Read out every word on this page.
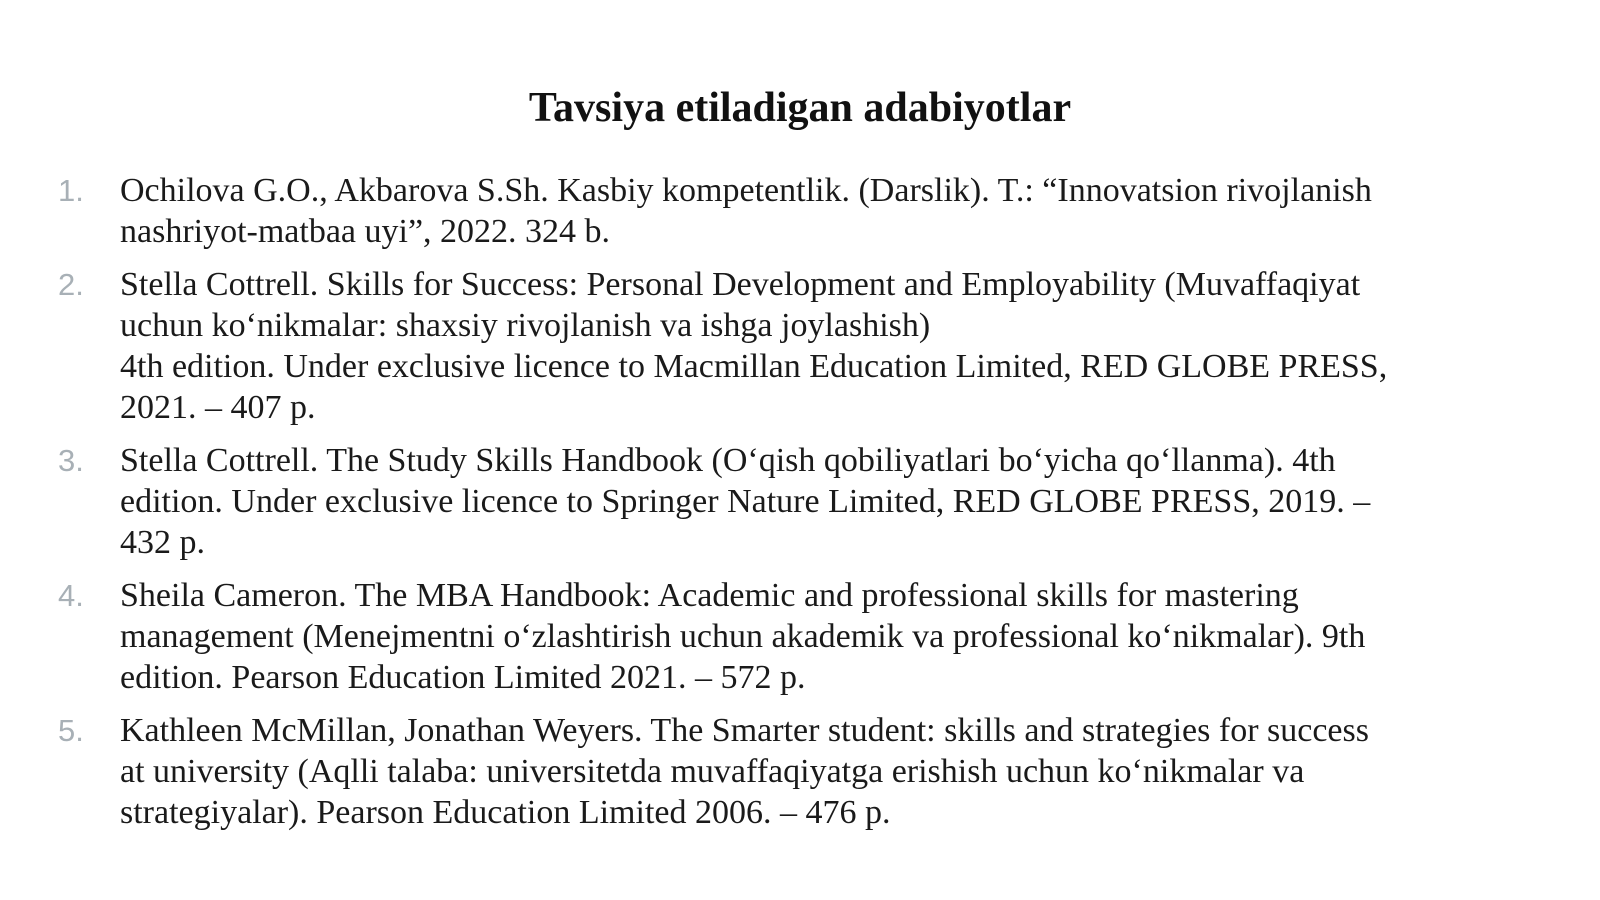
Tavsiya etiladigan adabiyotlar
1. Ochilova G.O., Akbarova S.Sh. Kasbiy kompetentlik. (Darslik). T.: “Innovatsion rivojlanish
nashriyot-matbaa uyi”, 2022. 324 b.
2. Stella Cottrell. Skills for Success: Personal Development and Employability (Muvaffaqiyat
uchun ko‘nikmalar: shaxsiy rivojlanish va ishga joylashish)
4th edition. Under exclusive licence to Macmillan Education Limited, RED GLOBE PRESS,
2021. – 407 p.
3. Stella Cottrell. The Study Skills Handbook (O‘qish qobiliyatlari bo‘yicha qo‘llanma). 4th
edition. Under exclusive licence to Springer Nature Limited, RED GLOBE PRESS, 2019. –
432 p.
4. Sheila Cameron. The MBA Handbook: Academic and professional skills for mastering
management (Menejmentni o‘zlashtirish uchun akademik va professional ko‘nikmalar). 9th
edition. Pearson Education Limited 2021. – 572 p.
5. Kathleen McMillan, Jonathan Weyers. The Smarter student: skills and strategies for success
at university (Aqlli talaba: universitetda muvaffaqiyatga erishish uchun ko‘nikmalar va
strategiyalar). Pearson Education Limited 2006. – 476 p.
